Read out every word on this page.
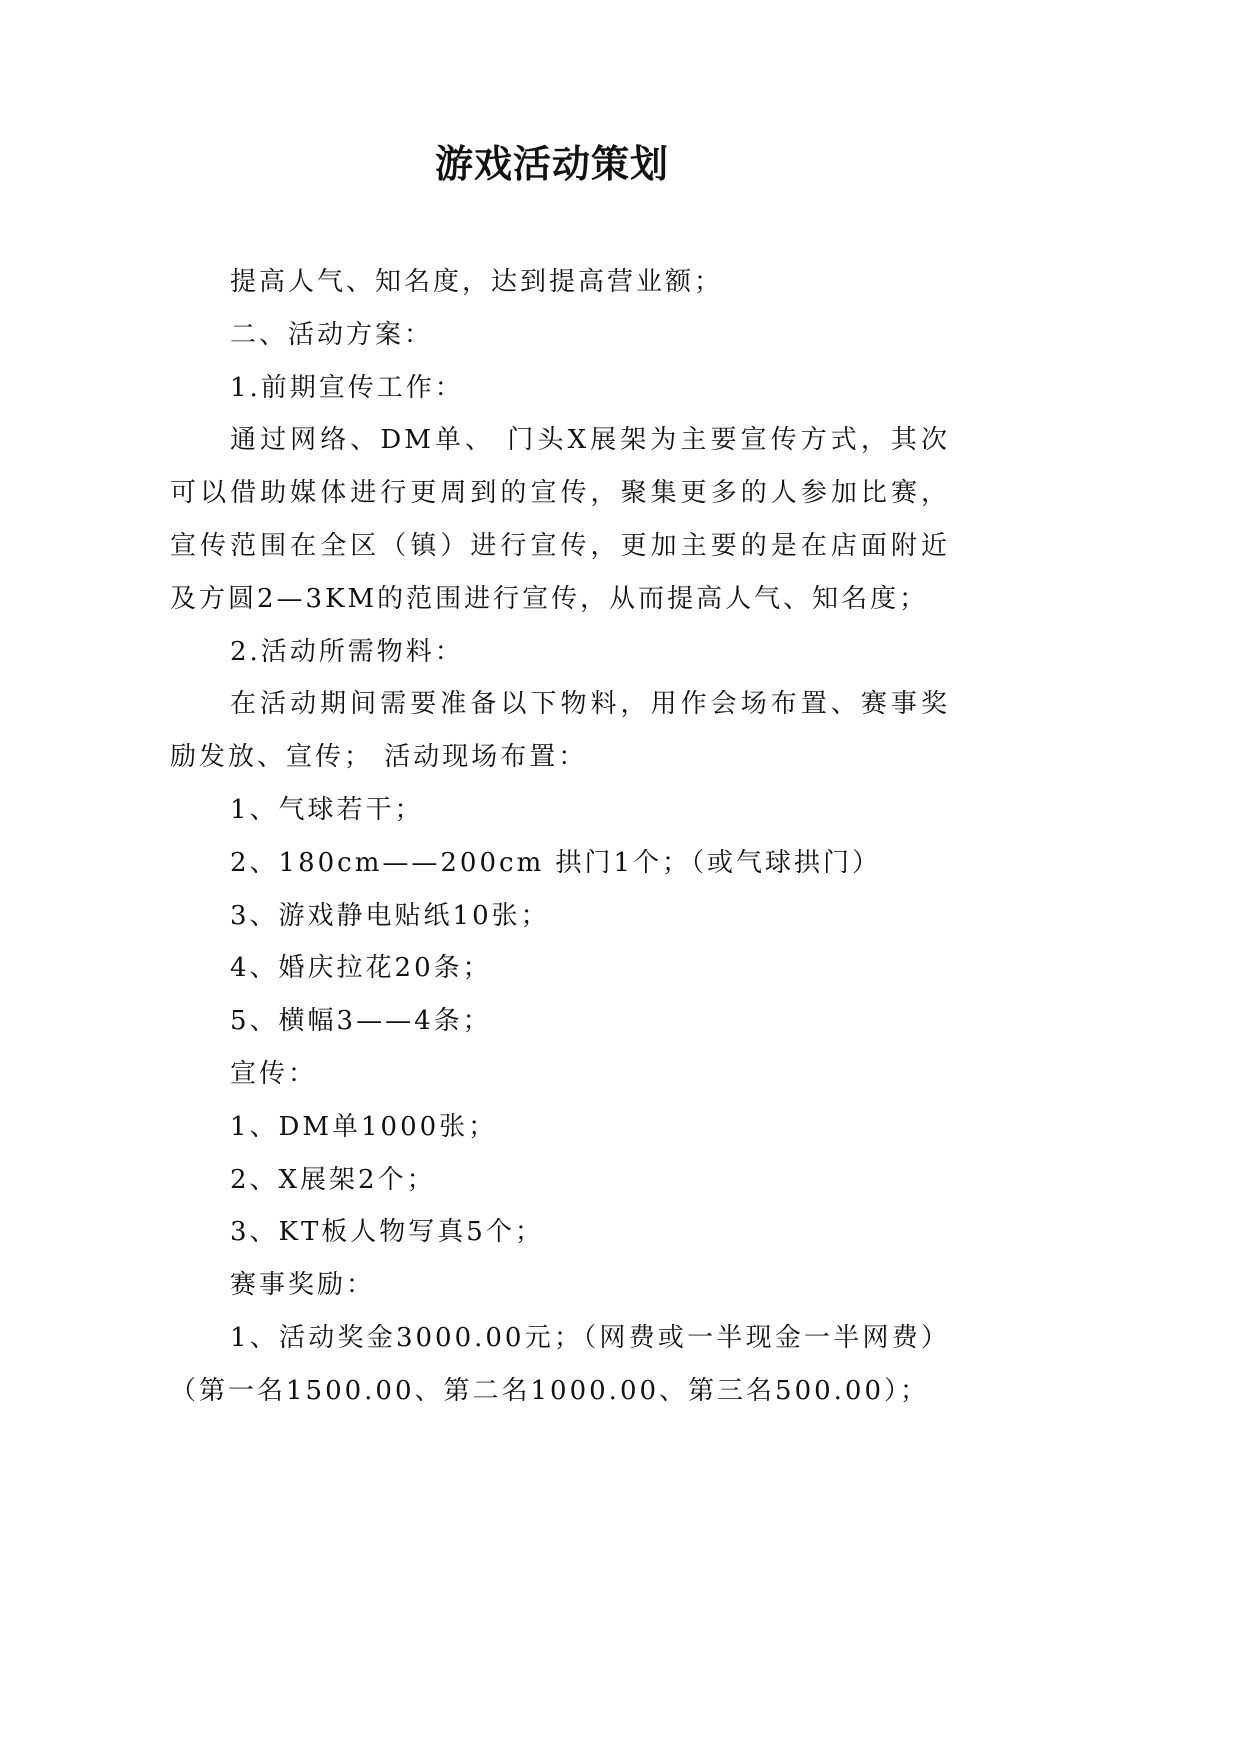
游戏活动策划

提高人气、知名度，达到提高营业额；

二、活动方案：

1.前期宣传工作：

通过网络、DM单、 门头X展架为主要宣传方式，其次可以借助媒体进行更周到的宣传，聚集更多的人参加比赛，宣传范围在全区（镇）进行宣传，更加主要的是在店面附近及方圆2—3KM的范围进行宣传，从而提高人气、知名度；

2.活动所需物料：

在活动期间需要准备以下物料，用作会场布置、赛事奖励发放、宣传； 活动现场布置：

1、气球若干；

2、180cm——200cm 拱门1个；（或气球拱门）

3、游戏静电贴纸10张；

4、婚庆拉花20条；

5、横幅3——4条；

宣传：

1、DM单1000张；

2、X展架2个；

3、KT板人物写真5个；

赛事奖励：

1、活动奖金3000.00元；（网费或一半现金一半网费）（第一名1500.00、第二名1000.00、第三名500.00）；
